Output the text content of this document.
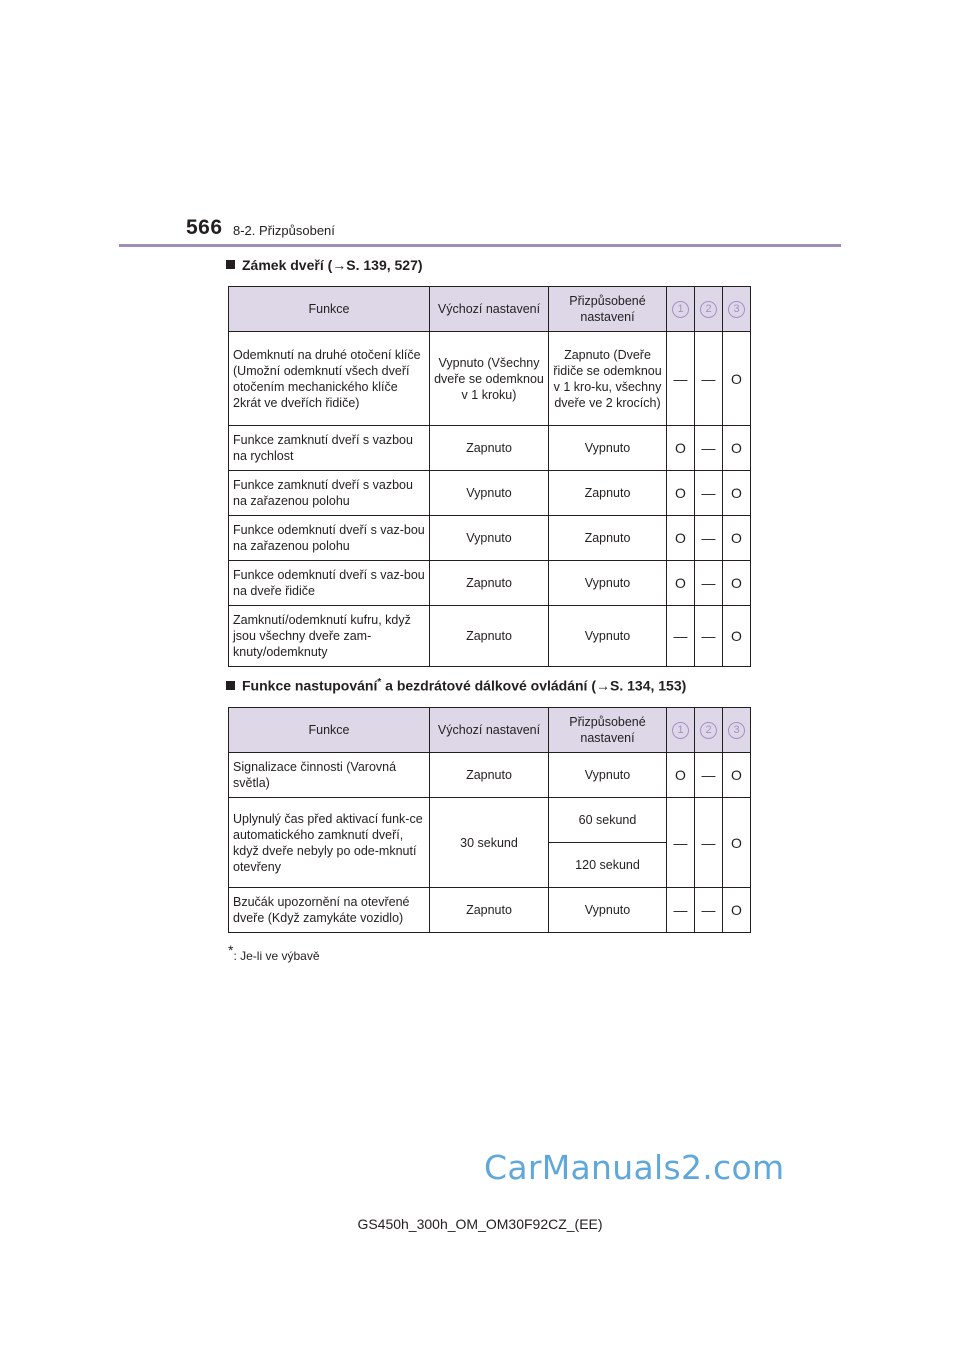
566 8-2. Přizpůsobení
Zámek dveří (→S. 139, 527)
Funkce	Výchozí nastavení	Přizpůsobené nastavení	1	2	3
Odemknutí na druhé otočení klíče (Umožní odemknutí všech dveří otočením mechanického klíče 2krát ve dveřích řidiče)	Vypnuto (Všechny dveře se odemknou v 1 kroku)	Zapnuto (Dveře řidiče se odemknou v 1 kro-ku, všechny dveře ve 2 krocích)	—	—	O
Funkce zamknutí dveří s vazbou na rychlost	Zapnuto	Vypnuto	O	—	O
Funkce zamknutí dveří s vazbou na zařazenou polohu	Vypnuto	Zapnuto	O	—	O
Funkce odemknutí dveří s vaz-bou na zařazenou polohu	Vypnuto	Zapnuto	O	—	O
Funkce odemknutí dveří s vaz-bou na dveře řidiče	Zapnuto	Vypnuto	O	—	O
Zamknutí/odemknutí kufru, když jsou všechny dveře zam-knuty/odemknuty	Zapnuto	Vypnuto	—	—	O
Funkce nastupování* a bezdrátové dálkové ovládání (→S. 134, 153)
Funkce	Výchozí nastavení	Přizpůsobené nastavení	1	2	3
Signalizace činnosti (Varovná světla)	Zapnuto	Vypnuto	O	—	O
Uplynulý čas před aktivací funk-ce automatického zamknutí dveří, když dveře nebyly po ode-mknutí otevřeny	30 sekund	60 sekund	—	—	O
		120 sekund			
Bzučák upozornění na otevřené dveře (Když zamykáte vozidlo)	Zapnuto	Vypnuto	—	—	O
*: Je-li ve výbavě
CarManuals2.com
GS450h_300h_OM_OM30F92CZ_(EE)
